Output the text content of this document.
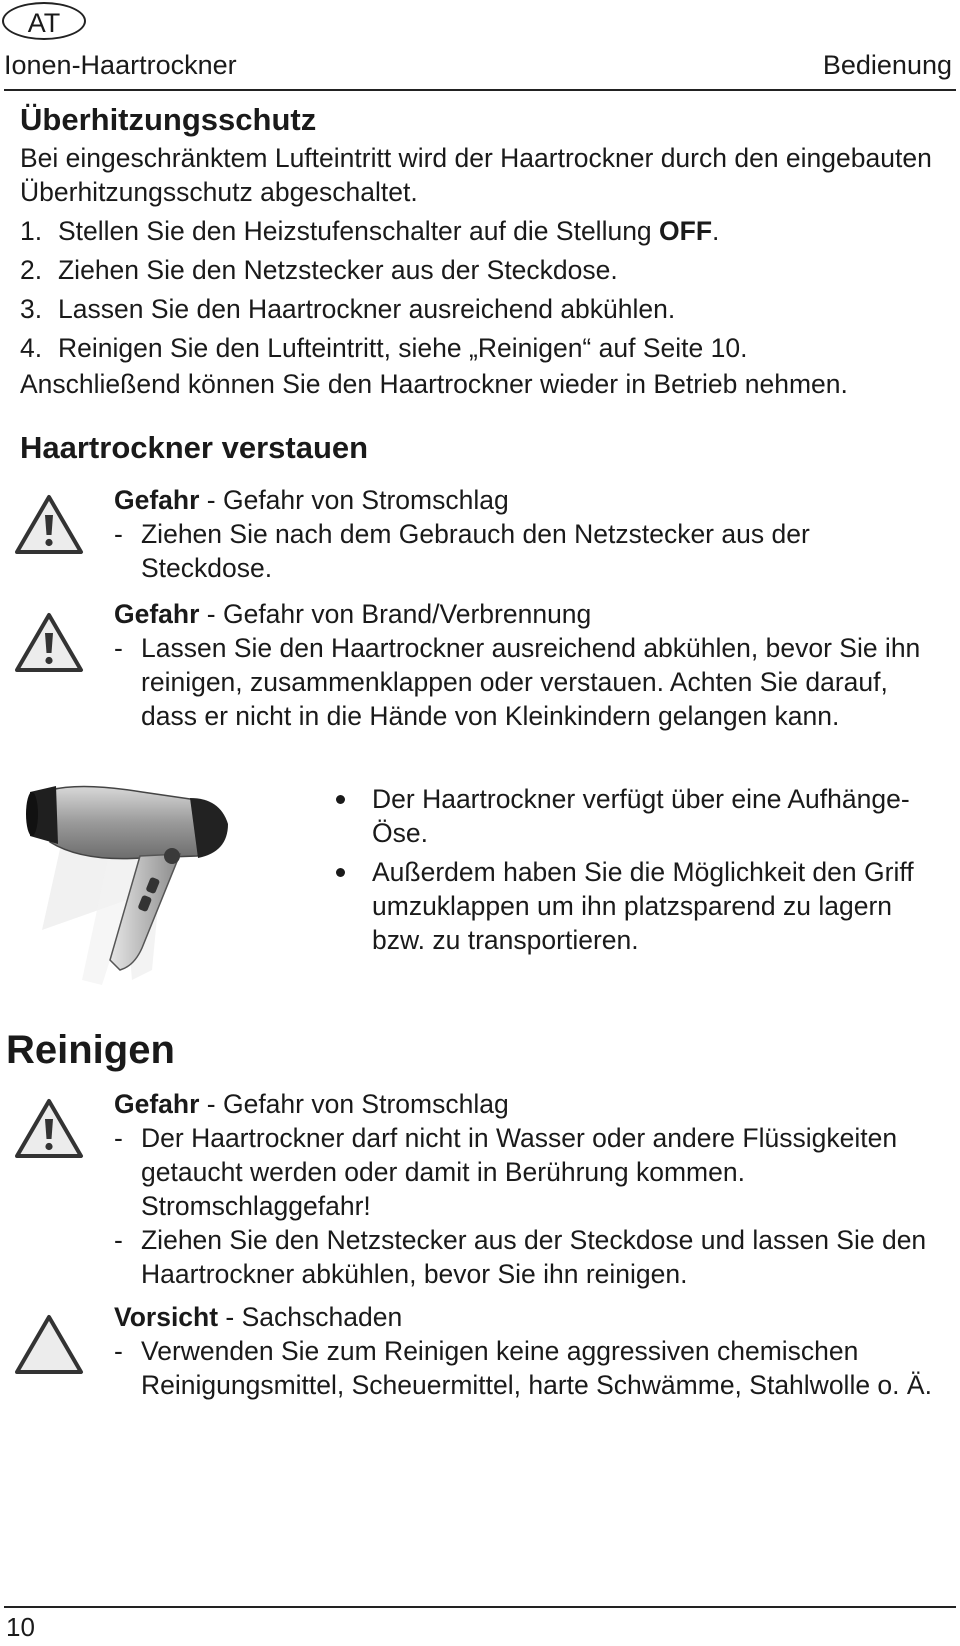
AT
Ionen-Haartrockner	Bedienung
Überhitzungsschutz
Bei eingeschränktem Lufteintritt wird der Haartrockner durch den eingebauten Überhitzungsschutz abgeschaltet.
1. Stellen Sie den Heizstufenschalter auf die Stellung OFF.
2. Ziehen Sie den Netzstecker aus der Steckdose.
3. Lassen Sie den Haartrockner ausreichend abkühlen.
4. Reinigen Sie den Lufteintritt, siehe „Reinigen“ auf Seite 10.
Anschließend können Sie den Haartrockner wieder in Betrieb nehmen.
Haartrockner verstauen
Gefahr - Gefahr von Stromschlag
- Ziehen Sie nach dem Gebrauch den Netzstecker aus der Steckdose.
Gefahr - Gefahr von Brand/Verbrennung
- Lassen Sie den Haartrockner ausreichend abkühlen, bevor Sie ihn reinigen, zusammenklappen oder verstauen. Achten Sie darauf, dass er nicht in die Hände von Kleinkindern gelangen kann.
Der Haartrockner verfügt über eine Aufhänge-Öse.
Außerdem haben Sie die Möglichkeit den Griff umzuklappen um ihn platzsparend zu lagern bzw. zu transportieren.
Reinigen
Gefahr - Gefahr von Stromschlag
- Der Haartrockner darf nicht in Wasser oder andere Flüssigkeiten getaucht werden oder damit in Berührung kommen. Stromschlaggefahr!
- Ziehen Sie den Netzstecker aus der Steckdose und lassen Sie den Haartrockner abkühlen, bevor Sie ihn reinigen.
Vorsicht - Sachschaden
- Verwenden Sie zum Reinigen keine aggressiven chemischen Reinigungsmittel, Scheuermittel, harte Schwämme, Stahlwolle o. Ä.
10
